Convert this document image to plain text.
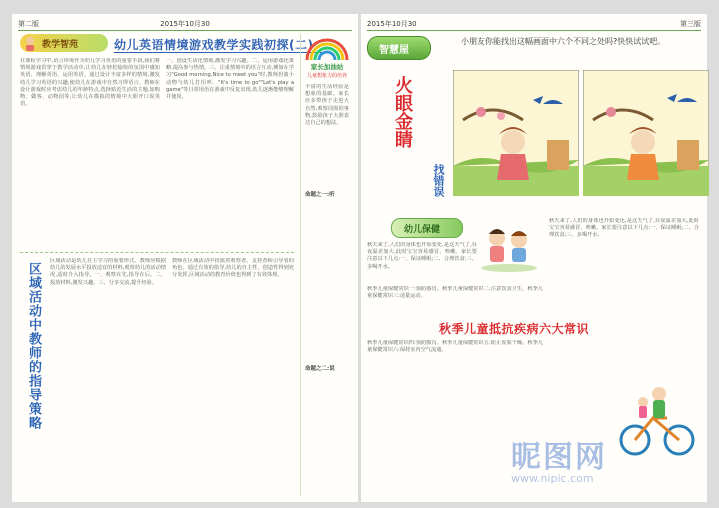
第二版	2015年10月30
教学智苑	幼儿英语情境游戏教学实践初探(二)
在课程学习中,语言环境作为幼儿学习英语的重要手段,我们将情境游戏贯穿于教学活动中,让幼儿在轻松愉快的氛围中感知英语、理解英语、运用英语。通过设计丰富多样的情境,激发幼儿学习英语的兴趣,使幼儿在游戏中自然习得语言。教师在设计游戏时应考虑幼儿的年龄特点,选择贴近生活的主题,如购物、做客、动物园等,让幼儿在模拟的情境中大胆开口说英语。
一、创设生活化情境,激发学习兴趣。二、运用游戏化策略,提高参与热情。三、注重情境中的语言互动,例如在学习"Good morning,Nice to meet you"时,教师扮演小动物与幼儿打招呼。"It's time to go""Let's play a game"等日常用语在游戏中反复出现,幼儿逐渐能够理解并使用。
区域活动中教师的指导策略
区域活动是幼儿自主学习的重要形式。教师应根据幼儿的发展水平投放适宜的材料,观察幼儿的活动情况,适时介入指导。一、观察在先,指导在后。二、投放材料,激发兴趣。三、分享交流,提升经验。
教师在区域活动中扮演着观察者、支持者和引导者的角色。通过有效的指导,幼儿的自主性、创造性得到充分发挥,区域活动的教育价值也得到了有效体现。
家长加油站
儿童想象力的培养
丰富的生活经验是想象的基础。家长应多带孩子走进大自然,观察周围的事物,鼓励孩子大胆表达自己的想法。
命题之一:听
命题之二:说
2015年10月30	第三版
智慧屋
小朋友你能找出这幅画面中六个不同之处吗?快快试试吧。
火眼金睛
找错误
幼儿保健
秋天来了,人们的身体也开始变化,是这天气了,昼夜温差加大,此时宝宝容易感冒、咳嗽。家长要注意以下几点:一、保证睡眠;二、合理饮食;三、多喝开水。
秋季儿童保健常识一:预防感冒。秋季儿童保健常识二:注意饮食卫生。秋季儿童保健常识三:适量运动。
秋季儿童抵抗疾病六大常识
秋季儿童保健常识四:预防腹泻。秋季儿童保健常识五:防止皮肤干燥。秋季儿童保健常识六:保持室内空气流通。
秋天来了,人们的身体也开始变化,是这天气了,昼夜温差加大,此时宝宝容易感冒、咳嗽。家长要注意以下几点:一、保证睡眠;二、合理饮食;三、多喝开水。
昵图网
www.nipic.com
